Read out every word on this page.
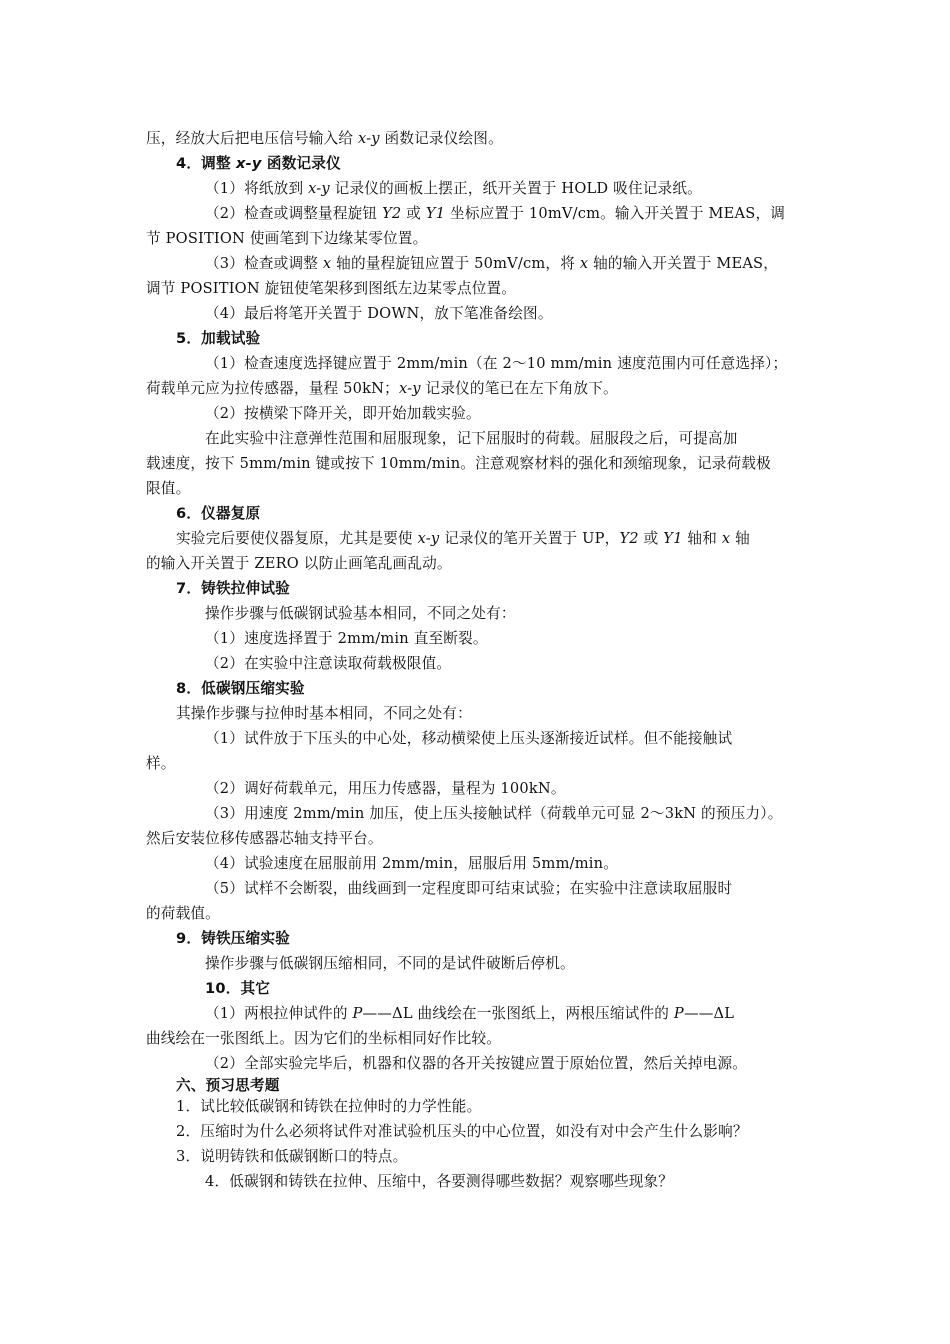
压，经放大后把电压信号输入给 x-y 函数记录仪绘图。

4．调整 x-y 函数记录仪

（1）将纸放到 x-y 记录仪的画板上摆正，纸开关置于 HOLD 吸住记录纸。

（2）检查或调整量程旋钮 Y2 或 Y1 坐标应置于 10mV/cm。输入开关置于 MEAS，调

节 POSITION 使画笔到下边缘某零位置。

（3）检查或调整 x 轴的量程旋钮应置于 50mV/cm，将 x 轴的输入开关置于 MEAS，

调节 POSITION 旋钮使笔架移到图纸左边某零点位置。

（4）最后将笔开关置于 DOWN，放下笔准备绘图。

5．加载试验

（1）检查速度选择键应置于 2mm/min（在 2～10 mm/min 速度范围内可任意选择）；

荷载单元应为拉传感器，量程 50kN；x-y 记录仪的笔已在左下角放下。

（2）按横梁下降开关，即开始加载实验。

在此实验中注意弹性范围和屈服现象，记下屈服时的荷载。屈服段之后，可提高加

载速度，按下 5mm/min 键或按下 10mm/min。注意观察材料的强化和颈缩现象，记录荷载极

限值。

6．仪器复原

实验完后要使仪器复原，尤其是要使 x-y 记录仪的笔开关置于 UP，Y2 或 Y1 轴和 x 轴

的输入开关置于 ZERO 以防止画笔乱画乱动。

7．铸铁拉伸试验

操作步骤与低碳钢试验基本相同，不同之处有：

（1）速度选择置于 2mm/min 直至断裂。

（2）在实验中注意读取荷载极限值。

8．低碳钢压缩实验

其操作步骤与拉伸时基本相同，不同之处有：

（1）试件放于下压头的中心处，移动横梁使上压头逐渐接近试样。但不能接触试

样。

（2）调好荷载单元，用压力传感器，量程为 100kN。

（3）用速度 2mm/min 加压，使上压头接触试样（荷载单元可显 2～3kN 的预压力）。

然后安装位移传感器芯轴支持平台。

（4）试验速度在屈服前用 2mm/min，屈服后用 5mm/min。

（5）试样不会断裂，曲线画到一定程度即可结束试验；在实验中注意读取屈服时

的荷载值。

9．铸铁压缩实验

操作步骤与低碳钢压缩相同，不同的是试件破断后停机。

10．其它

（1）两根拉伸试件的 P——ΔL 曲线绘在一张图纸上，两根压缩试件的 P——ΔL

曲线绘在一张图纸上。因为它们的坐标相同好作比较。

（2）全部实验完毕后，机器和仪器的各开关按键应置于原始位置，然后关掉电源。

六、预习思考题

1．试比较低碳钢和铸铁在拉伸时的力学性能。

2．压缩时为什么必须将试件对准试验机压头的中心位置，如没有对中会产生什么影响？

3．说明铸铁和低碳钢断口的特点。

4．低碳钢和铸铁在拉伸、压缩中，各要测得哪些数据？观察哪些现象？
